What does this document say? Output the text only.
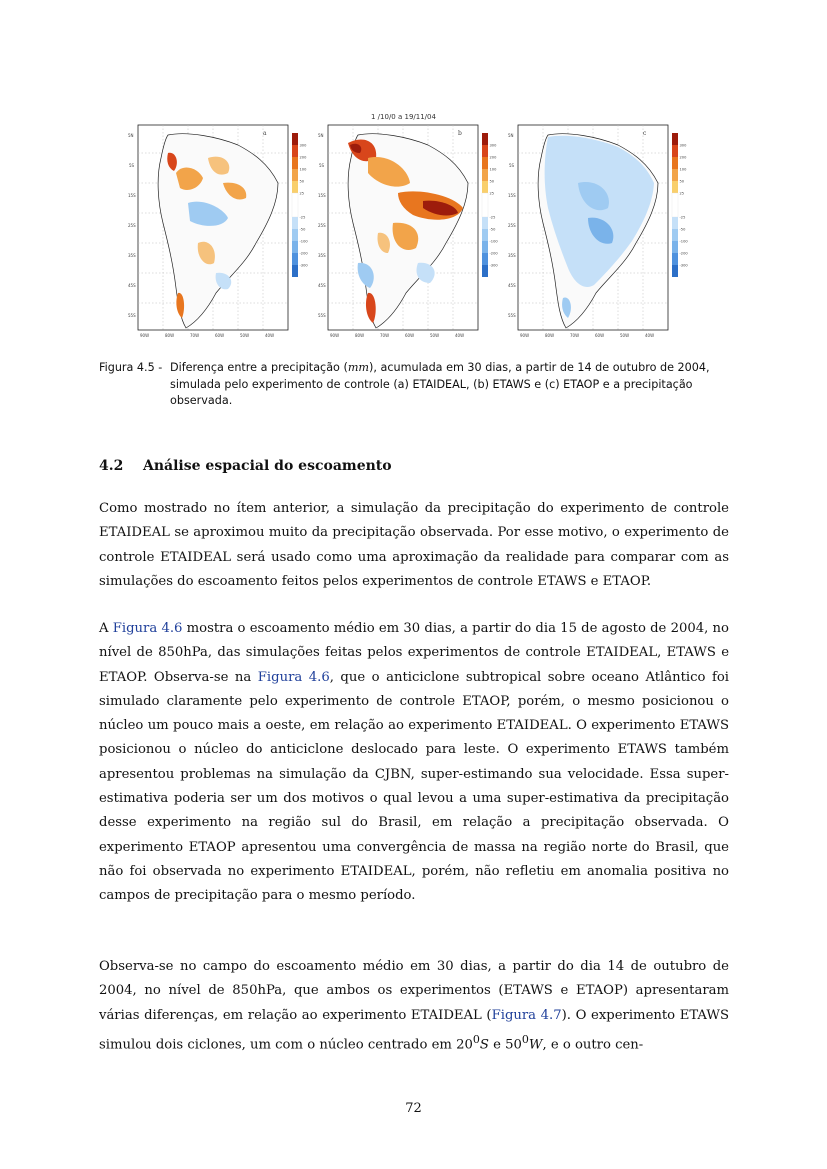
1 /10/0 a 19/11/04
a
5N
5S
15S
25S
35S
45S
55S
90W	80W	70W	60W	50W	40W
300
200
100
50
25
-25
-50
-100
-200
-300
b
5N
5S
15S
25S
35S
45S
55S
90W	80W	70W	60W	50W	40W
300
200
100
50
25
-25
-50
-100
-200
-300
c
5N
5S
15S
25S
35S
45S
55S
90W	80W	70W	60W	50W	40W
300
200
100
50
25
-25
-50
-100
-200
-300
Figura 4.5 - Diferença entre a precipitação (mm), acumulada em 30 dias, a partir de 14 de outubro de 2004, simulada pelo experimento de controle (a) ETAIDEAL, (b) ETAWS e (c) ETAOP e a precipitação observada.
4.2 Análise espacial do escoamento
Como mostrado no ítem anterior, a simulação da precipitação do experimento de controle ETAIDEAL se aproximou muito da precipitação observada. Por esse motivo, o experimento de controle ETAIDEAL será usado como uma aproximação da realidade para comparar com as simulações do escoamento feitos pelos experimentos de controle ETAWS e ETAOP.
A Figura 4.6 mostra o escoamento médio em 30 dias, a partir do dia 15 de agosto de 2004, no nível de 850hPa, das simulações feitas pelos experimentos de controle ETAIDEAL, ETAWS e ETAOP. Observa-se na Figura 4.6, que o anticiclone subtropical sobre oceano Atlântico foi simulado claramente pelo experimento de controle ETAOP, porém, o mesmo posicionou o núcleo um pouco mais a oeste, em relação ao experimento ETAIDEAL. O experimento ETAWS posicionou o núcleo do anticiclone deslocado para leste. O experimento ETAWS também apresentou problemas na simulação da CJBN, super-estimando sua velocidade. Essa super-estimativa poderia ser um dos motivos o qual levou a uma super-estimativa da precipitação desse experimento na região sul do Brasil, em relação a precipitação observada. O experimento ETAOP apresentou uma convergência de massa na região norte do Brasil, que não foi observada no experimento ETAIDEAL, porém, não refletiu em anomalia positiva no campos de precipitação para o mesmo período.
Observa-se no campo do escoamento médio em 30 dias, a partir do dia 14 de outubro de 2004, no nível de 850hPa, que ambos os experimentos (ETAWS e ETAOP) apresentaram várias diferenças, em relação ao experimento ETAIDEAL (Figura 4.7). O experimento ETAWS simulou dois ciclones, um com o núcleo centrado em $20^0S$ e $50^0W$, e o outro cen-
72
